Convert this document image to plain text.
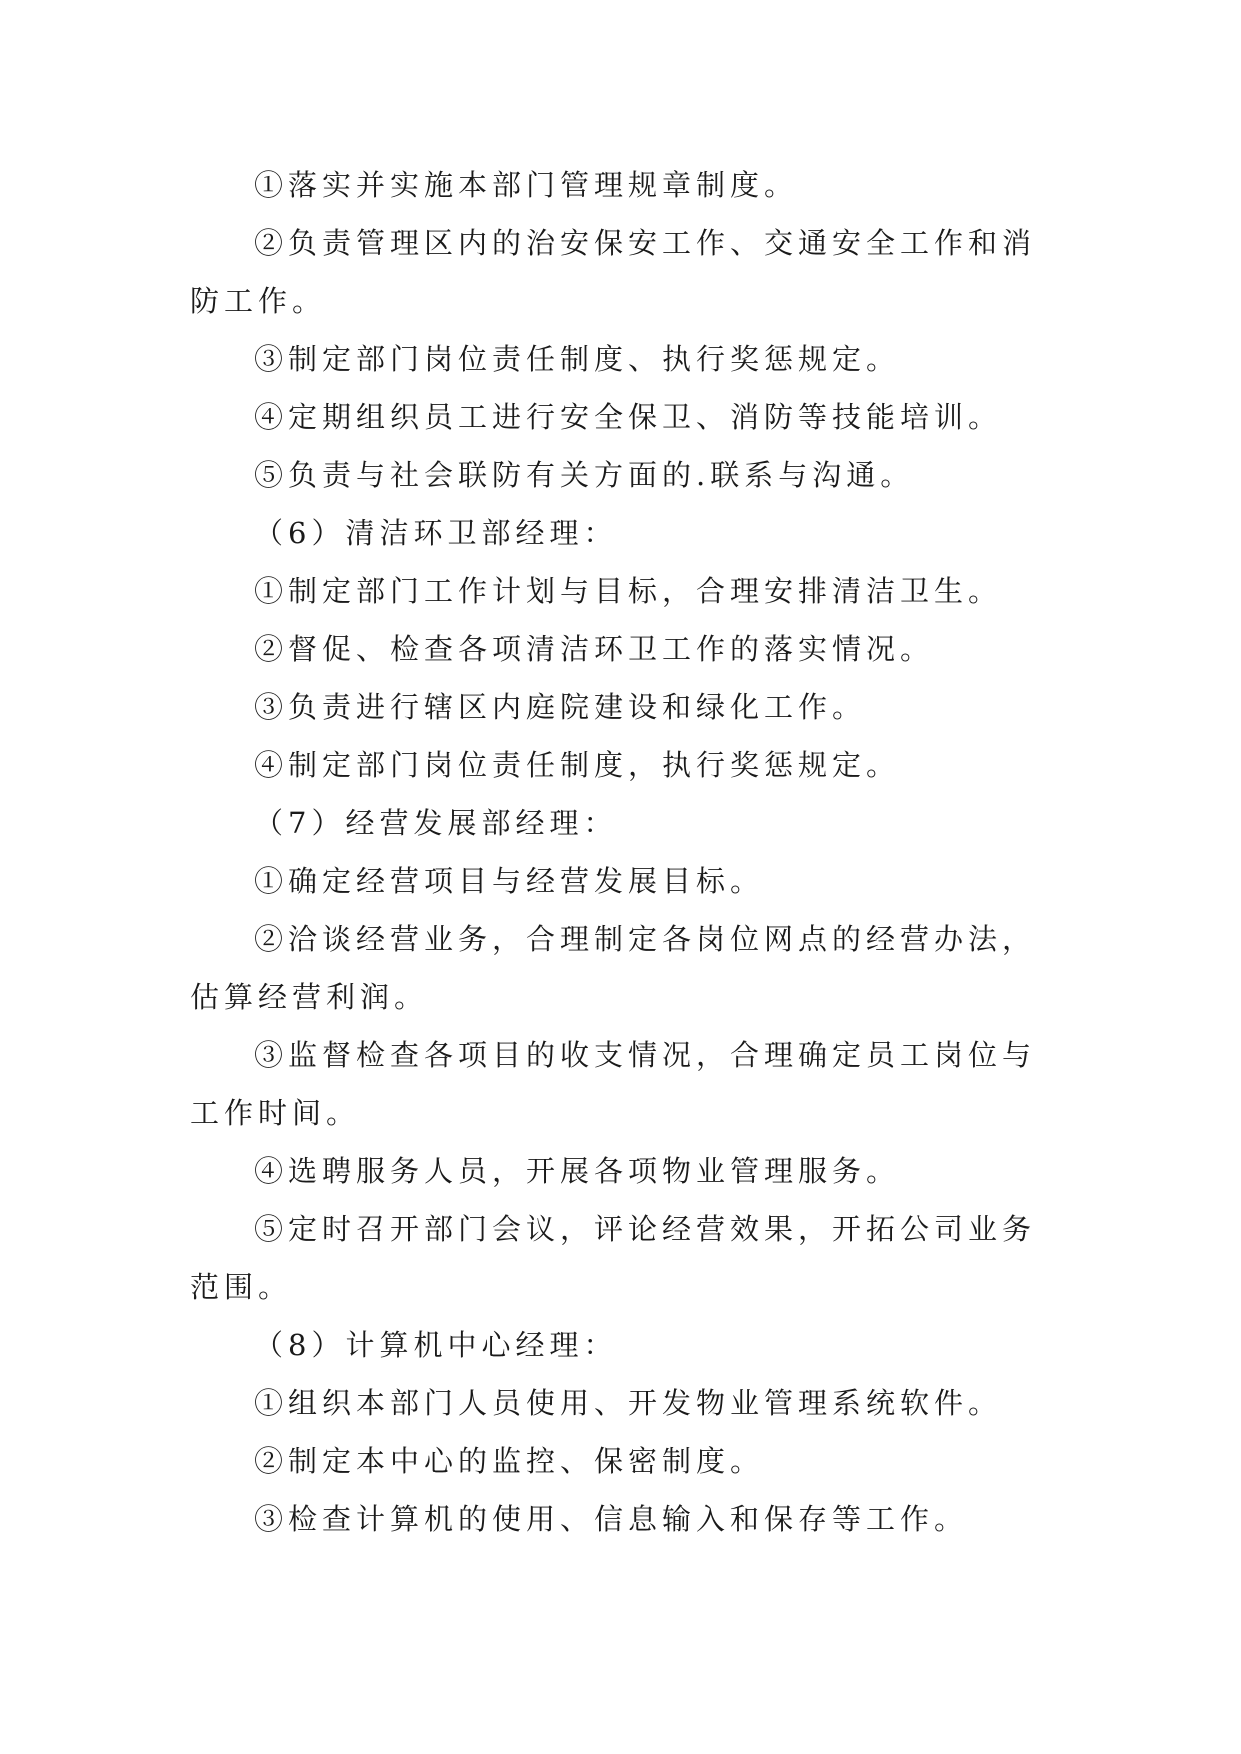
①落实并实施本部门管理规章制度。

②负责管理区内的治安保安工作、交通安全工作和消防工作。

③制定部门岗位责任制度、执行奖惩规定。

④定期组织员工进行安全保卫、消防等技能培训。

⑤负责与社会联防有关方面的.联系与沟通。

（6）清洁环卫部经理：

①制定部门工作计划与目标，合理安排清洁卫生。

②督促、检查各项清洁环卫工作的落实情况。

③负责进行辖区内庭院建设和绿化工作。

④制定部门岗位责任制度，执行奖惩规定。

（7）经营发展部经理：

①确定经营项目与经营发展目标。

②洽谈经营业务，合理制定各岗位网点的经营办法，估算经营利润。

③监督检查各项目的收支情况，合理确定员工岗位与工作时间。

④选聘服务人员，开展各项物业管理服务。

⑤定时召开部门会议，评论经营效果，开拓公司业务范围。

（8）计算机中心经理：

①组织本部门人员使用、开发物业管理系统软件。

②制定本中心的监控、保密制度。

③检查计算机的使用、信息输入和保存等工作。
